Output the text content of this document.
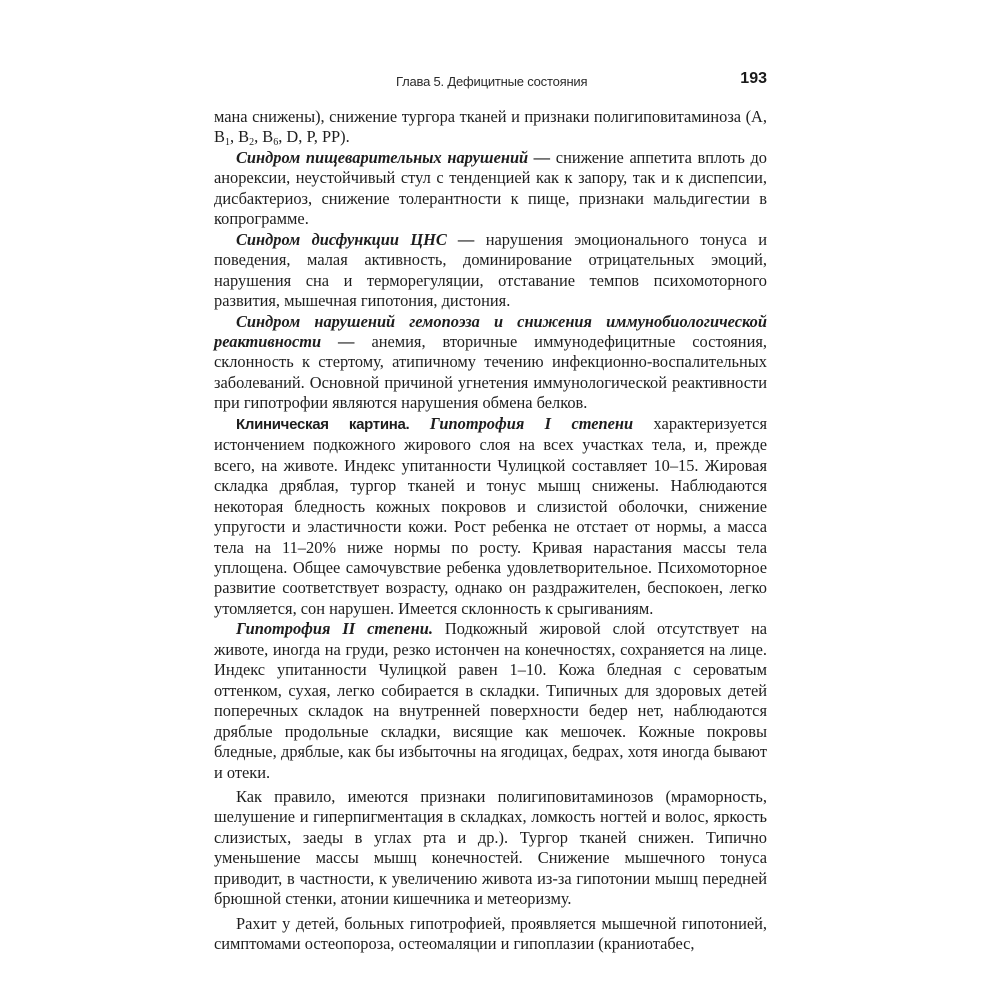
Глава 5. Дефицитные состояния	193

мана снижены), снижение тургора тканей и признаки полигиповитаминоза (A, $B_1$, $B_2$, $B_6$, D, P, PP).

Синдром пищеварительных нарушений — снижение аппетита вплоть до анорексии, неустойчивый стул с тенденцией как к запору, так и к диспепсии, дисбактериоз, снижение толерантности к пище, признаки мальдигестии в копрограмме.

Синдром дисфункции ЦНС — нарушения эмоционального тонуса и поведения, малая активность, доминирование отрицательных эмоций, нарушения сна и терморегуляции, отставание темпов психомоторного развития, мышечная гипотония, дистония.

Синдром нарушений гемопоэза и снижения иммунобиологической реактивности — анемия, вторичные иммунодефицитные состояния, склонность к стертому, атипичному течению инфекционно-воспалительных заболеваний. Основной причиной угнетения иммунологической реактивности при гипотрофии являются нарушения обмена белков.

Клиническая картина. Гипотрофия I степени характеризуется истончением подкожного жирового слоя на всех участках тела, и, прежде всего, на животе. Индекс упитанности Чулицкой составляет 10–15. Жировая складка дряблая, тургор тканей и тонус мышц снижены. Наблюдаются некоторая бледность кожных покровов и слизистой оболочки, снижение упругости и эластичности кожи. Рост ребенка не отстает от нормы, а масса тела на 11–20% ниже нормы по росту. Кривая нарастания массы тела уплощена. Общее самочувствие ребенка удовлетворительное. Психомоторное развитие соответствует возрасту, однако он раздражителен, беспокоен, легко утомляется, сон нарушен. Имеется склонность к срыгиваниям.

Гипотрофия II степени. Подкожный жировой слой отсутствует на животе, иногда на груди, резко истончен на конечностях, сохраняется на лице. Индекс упитанности Чулицкой равен 1–10. Кожа бледная с сероватым оттенком, сухая, легко собирается в складки. Типичных для здоровых детей поперечных складок на внутренней поверхности бедер нет, наблюдаются дряблые продольные складки, висящие как мешочек. Кожные покровы бледные, дряблые, как бы избыточны на ягодицах, бедрах, хотя иногда бывают и отеки.

Как правило, имеются признаки полигиповитаминозов (мраморность, шелушение и гиперпигментация в складках, ломкость ногтей и волос, яркость слизистых, заеды в углах рта и др.). Тургор тканей снижен. Типично уменьшение массы мышц конечностей. Снижение мышечного тонуса приводит, в частности, к увеличению живота из-за гипотонии мышц передней брюшной стенки, атонии кишечника и метеоризму.

Рахит у детей, больных гипотрофией, проявляется мышечной гипотонией, симптомами остеопороза, остеомаляции и гипоплазии (краниотабес,
